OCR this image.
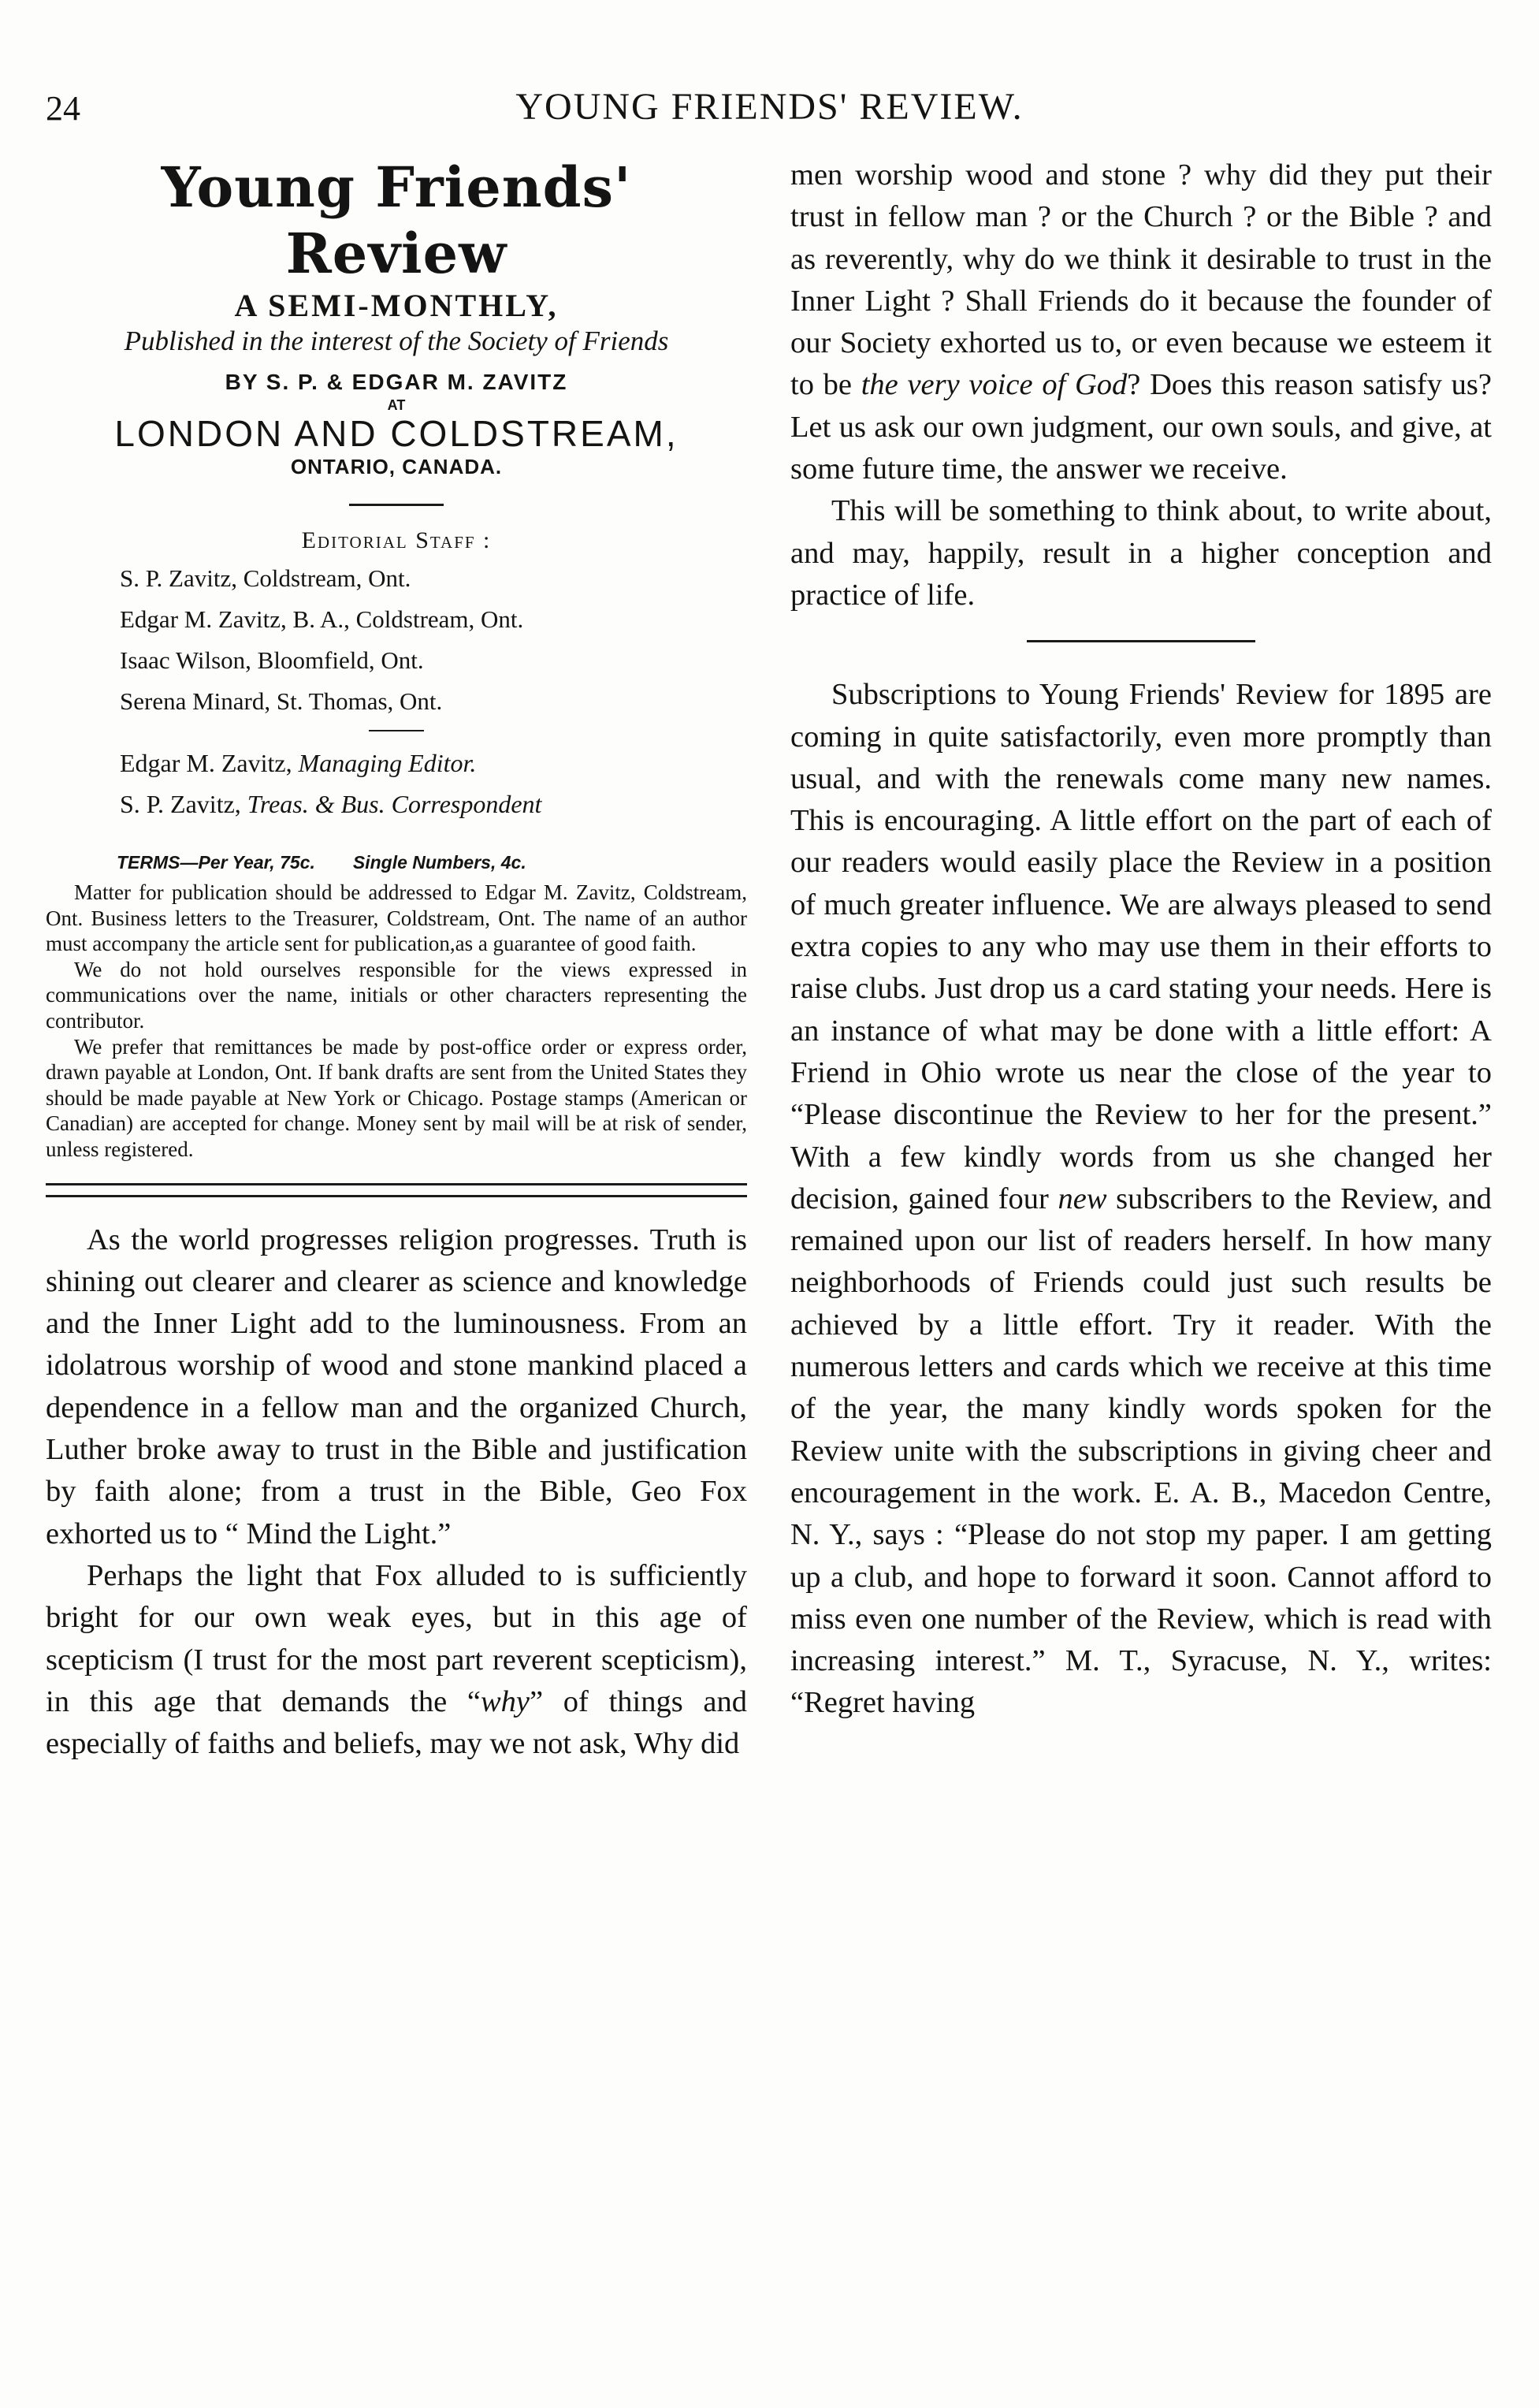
24	YOUNG FRIENDS' REVIEW.
Young Friends' Review
A SEMI-MONTHLY,
Published in the interest of the Society of Friends
BY S. P. & EDGAR M. ZAVITZ
AT
LONDON AND COLDSTREAM,
ONTARIO, CANADA.
Editorial Staff :
S. P. Zavitz, Coldstream, Ont.
Edgar M. Zavitz, B. A., Coldstream, Ont.
Isaac Wilson, Bloomfield, Ont.
Serena Minard, St. Thomas, Ont.
Edgar M. Zavitz, Managing Editor.
S. P. Zavitz, Treas. & Bus. Correspondent
TERMS—Per Year, 75c. Single Numbers, 4c.

Matter for publication should be addressed to Edgar M. Zavitz, Coldstream, Ont. Business letters to the Treasurer, Coldstream, Ont. The name of an author must accompany the article sent for publication,as a guarantee of good faith.

We do not hold ourselves responsible for the views expressed in communications over the name, initials or other characters representing the contributor.

We prefer that remittances be made by post-office order or express order, drawn payable at London, Ont. If bank drafts are sent from the United States they should be made payable at New York or Chicago. Postage stamps (American or Canadian) are accepted for change. Money sent by mail will be at risk of sender, unless registered.

As the world progresses religion progresses. Truth is shining out clearer and clearer as science and knowledge and the Inner Light add to the luminousness. From an idolatrous worship of wood and stone mankind placed a dependence in a fellow man and the organized Church, Luther broke away to trust in the Bible and justification by faith alone; from a trust in the Bible, Geo Fox exhorted us to “ Mind the Light.”

Perhaps the light that Fox alluded to is sufficiently bright for our own weak eyes, but in this age of scepticism (I trust for the most part reverent scepticism), in this age that demands the “why” of things and especially of faiths and beliefs, may we not ask, Why did

men worship wood and stone ? why did they put their trust in fellow man ? or the Church ? or the Bible ? and as reverently, why do we think it desirable to trust in the Inner Light ? Shall Friends do it because the founder of our Society exhorted us to, or even because we esteem it to be the very voice of God? Does this reason satisfy us? Let us ask our own judgment, our own souls, and give, at some future time, the answer we receive.

This will be something to think about, to write about, and may, happily, result in a higher conception and practice of life.

Subscriptions to Young Friends' Review for 1895 are coming in quite satisfactorily, even more promptly than usual, and with the renewals come many new names. This is encouraging. A little effort on the part of each of our readers would easily place the Review in a position of much greater influence. We are always pleased to send extra copies to any who may use them in their efforts to raise clubs. Just drop us a card stating your needs. Here is an instance of what may be done with a little effort: A Friend in Ohio wrote us near the close of the year to “Please discontinue the Review to her for the present.” With a few kindly words from us she changed her decision, gained four new subscribers to the Review, and remained upon our list of readers herself. In how many neighborhoods of Friends could just such results be achieved by a little effort. Try it reader. With the numerous letters and cards which we receive at this time of the year, the many kindly words spoken for the Review unite with the subscriptions in giving cheer and encouragement in the work. E. A. B., Macedon Centre, N. Y., says : “Please do not stop my paper. I am getting up a club, and hope to forward it soon. Cannot afford to miss even one number of the Review, which is read with increasing interest.” M. T., Syracuse, N. Y., writes: “Regret having
